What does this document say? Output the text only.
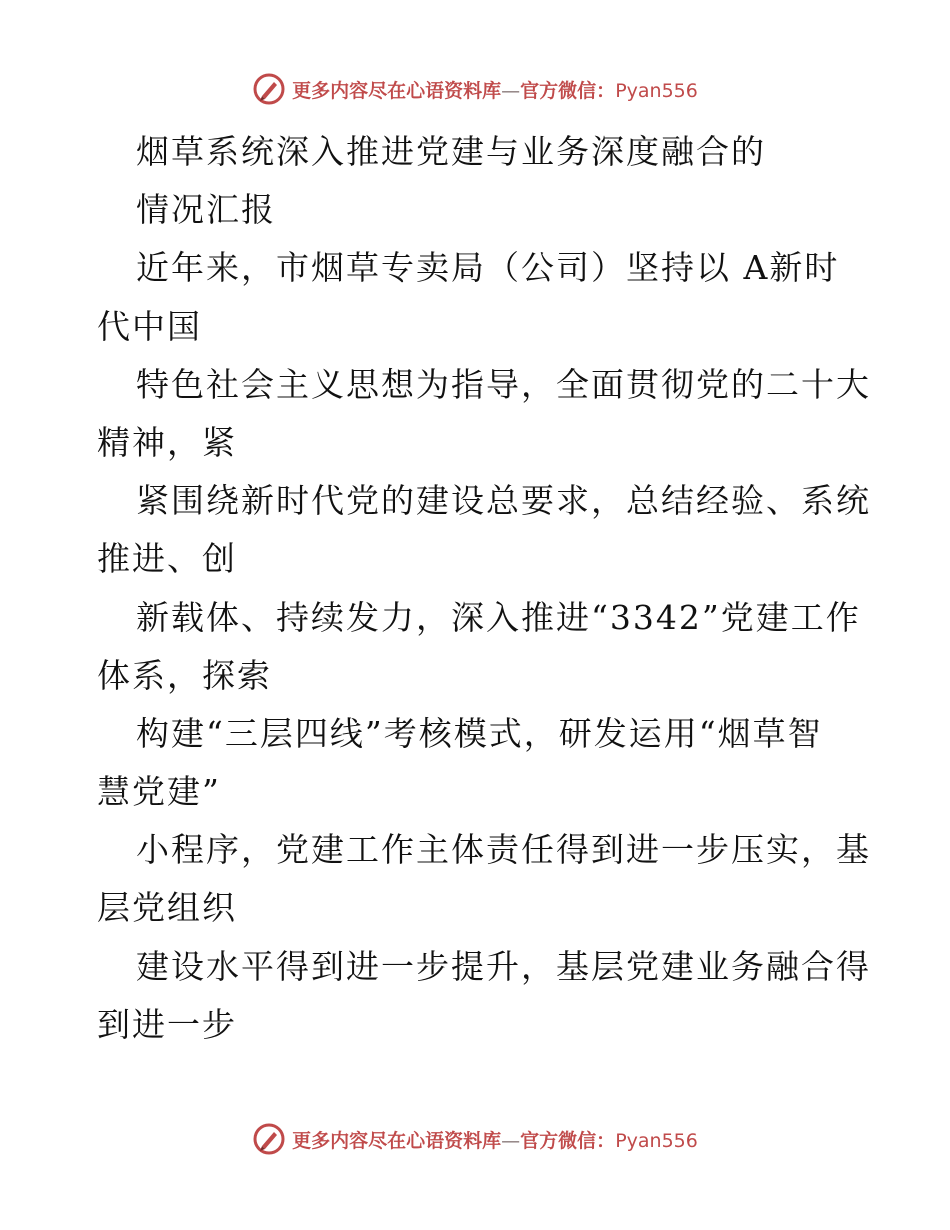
更多内容尽在心语资料库—官方微信：Pyan556
烟草系统深入推进党建与业务深度融合的
情况汇报
近年来，市烟草专卖局（公司）坚持以 A新时
代中国
特色社会主义思想为指导，全面贯彻党的二十大
精神，紧
紧围绕新时代党的建设总要求，总结经验、系统
推进、创
新载体、持续发力，深入推进“3342”党建工作
体系，探索
构建“三层四线”考核模式，研发运用“烟草智
慧党建”
小程序，党建工作主体责任得到进一步压实，基
层党组织
建设水平得到进一步提升，基层党建业务融合得
到进一步
更多内容尽在心语资料库—官方微信：Pyan556
